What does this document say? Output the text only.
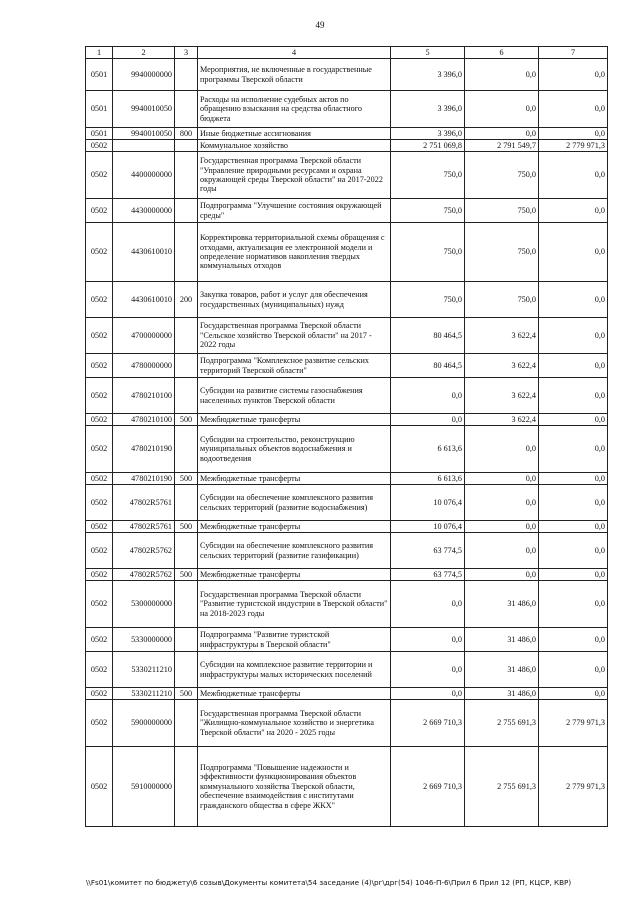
49
1	2	3	4	5	6	7
0501	9940000000		Мероприятия, не включенные в государственные программы Тверской области	3 396,0	0,0	0,0
0501	9940010050		Расходы на исполнение судебных актов по обращению взыскания на средства областного бюджета	3 396,0	0,0	0,0
0501	9940010050	800	Иные бюджетные ассигнования	3 396,0	0,0	0,0
0502			Коммунальное хозяйство	2 751 069,8	2 791 549,7	2 779 971,3
0502	4400000000		Государственная программа Тверской области "Управление природными ресурсами и охрана окружающей среды Тверской области" на 2017-2022 годы	750,0	750,0	0,0
0502	4430000000		Подпрограмма "Улучшение состояния окружающей среды"	750,0	750,0	0,0
0502	4430610010		Корректировка территориальной схемы обращения с отходами, актуализация ее электронной модели и определение нормативов накопления твердых коммунальных отходов	750,0	750,0	0,0
0502	4430610010	200	Закупка товаров, работ и услуг для обеспечения государственных (муниципальных) нужд	750,0	750,0	0,0
0502	4700000000		Государственная программа Тверской области "Сельское хозяйство Тверской области" на 2017 - 2022 годы	80 464,5	3 622,4	0,0
0502	4780000000		Подпрограмма "Комплексное развитие сельских территорий Тверской области"	80 464,5	3 622,4	0,0
0502	4780210100		Субсидии на развитие системы газоснабжения населенных пунктов Тверской области	0,0	3 622,4	0,0
0502	4780210100	500	Межбюджетные трансферты	0,0	3 622,4	0,0
0502	4780210190		Субсидии на строительство, реконструкцию муниципальных объектов водоснабжения и водоотведения	6 613,6	0,0	0,0
0502	4780210190	500	Межбюджетные трансферты	6 613,6	0,0	0,0
0502	47802R5761		Субсидии на обеспечение комплексного развития сельских территорий (развитие водоснабжения)	10 076,4	0,0	0,0
0502	47802R5761	500	Межбюджетные трансферты	10 076,4	0,0	0,0
0502	47802R5762		Субсидии на обеспечение комплексного развития сельских территорий (развитие газификации)	63 774,5	0,0	0,0
0502	47802R5762	500	Межбюджетные трансферты	63 774,5	0,0	0,0
0502	5300000000		Государственная программа Тверской области "Развитие туристской индустрии в Тверской области" на 2018-2023 годы	0,0	31 486,0	0,0
0502	5330000000		Подпрограмма "Развитие туристской инфраструктуры в Тверской области"	0,0	31 486,0	0,0
0502	5330211210		Субсидии на комплексное развитие территории и инфраструктуры малых исторических поселений	0,0	31 486,0	0,0
0502	5330211210	500	Межбюджетные трансферты	0,0	31 486,0	0,0
0502	5900000000		Государственная программа Тверской области "Жилищно-коммунальное хозяйство и энергетика Тверской области" на 2020 - 2025 годы	2 669 710,3	2 755 691,3	2 779 971,3
0502	5910000000		Подпрограмма "Повышение надежности и эффективности функционирования объектов коммунального хозяйства Тверской области, обеспечение взаимодействия с институтами гражданского общества в сфере ЖКХ"	2 669 710,3	2 755 691,3	2 779 971,3
\\Fs01\комитет по бюджету\6 созыв\Документы комитета\54 заседание (4)\рг\дрг(54) 1046-П-6\Прил 6 Прил 12 (РП, КЦСР, КВР)
